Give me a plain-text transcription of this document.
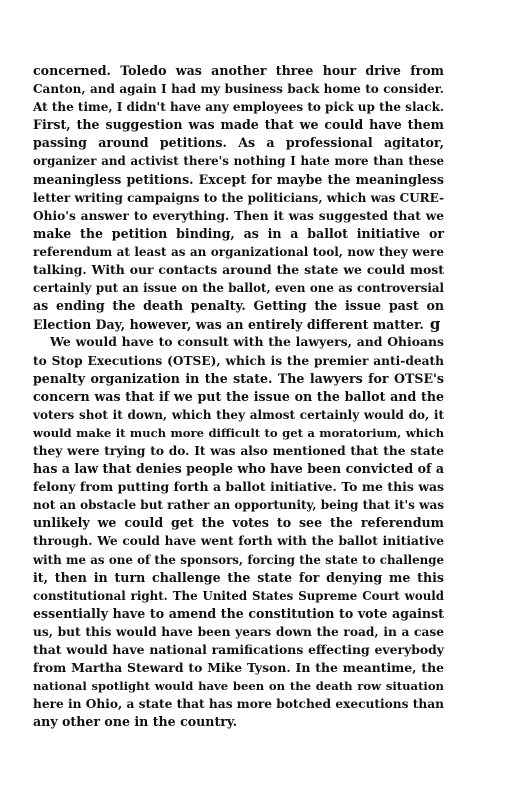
concerned. Toledo was another three hour drive from
Canton, and again I had my business back home to consider.
At the time, I didn't have any employees to pick up the slack.
First, the suggestion was made that we could have them
passing around petitions. As a professional agitator,
organizer and activist there's nothing I hate more than these
meaningless petitions. Except for maybe the meaningless
letter writing campaigns to the politicians, which was CURE-
Ohio's answer to everything. Then it was suggested that we
make the petition binding, as in a ballot initiative or
referendum at least as an organizational tool, now they were
talking. With our contacts around the state we could most
certainly put an issue on the ballot, even one as controversial
as ending the death penalty. Getting the issue past on
Election Day, however, was an entirely different matter. g
We would have to consult with the lawyers, and Ohioans
to Stop Executions (OTSE), which is the premier anti-death
penalty organization in the state. The lawyers for OTSE's
concern was that if we put the issue on the ballot and the
voters shot it down, which they almost certainly would do, it
would make it much more difficult to get a moratorium, which
they were trying to do. It was also mentioned that the state
has a law that denies people who have been convicted of a
felony from putting forth a ballot initiative. To me this was
not an obstacle but rather an opportunity, being that it's was
unlikely we could get the votes to see the referendum
through. We could have went forth with the ballot initiative
with me as one of the sponsors, forcing the state to challenge
it, then in turn challenge the state for denying me this
constitutional right. The United States Supreme Court would
essentially have to amend the constitution to vote against
us, but this would have been years down the road, in a case
that would have national ramifications effecting everybody
from Martha Steward to Mike Tyson. In the meantime, the
national spotlight would have been on the death row situation
here in Ohio, a state that has more botched executions than
any other one in the country.
